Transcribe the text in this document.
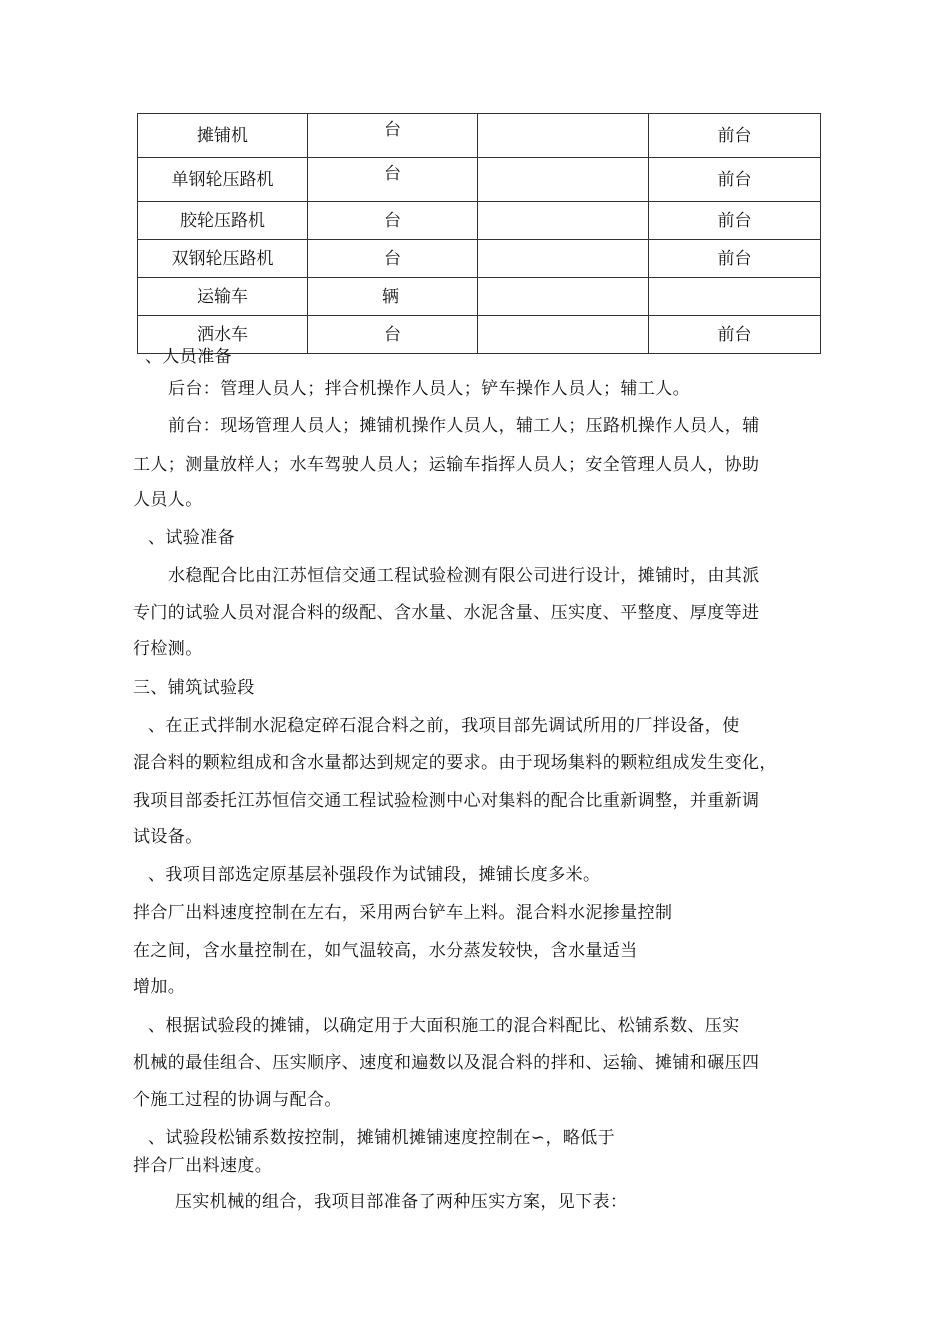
摊铺机	台		前台
单钢轮压路机	台		前台
胶轮压路机	台		前台
双钢轮压路机	台		前台
运输车	辆		
洒水车	台		前台
、人员准备
后台：管理人员人；拌合机操作人员人；铲车操作人员人；辅工人。
前台：现场管理人员人；摊铺机操作人员人，辅工人；压路机操作人员人，辅
工人；测量放样人；水车驾驶人员人；运输车指挥人员人；安全管理人员人，协助
人员人。
、试验准备
水稳配合比由江苏恒信交通工程试验检测有限公司进行设计，摊铺时，由其派
专门的试验人员对混合料的级配、含水量、水泥含量、压实度、平整度、厚度等进
行检测。
三、铺筑试验段
、在正式拌制水泥稳定碎石混合料之前，我项目部先调试所用的厂拌设备，使
混合料的颗粒组成和含水量都达到规定的要求。由于现场集料的颗粒组成发生变化，
我项目部委托江苏恒信交通工程试验检测中心对集料的配合比重新调整，并重新调
试设备。
、我项目部选定原基层补强段作为试铺段，摊铺长度多米。
拌合厂出料速度控制在左右，采用两台铲车上料。混合料水泥掺量控制
在之间，含水量控制在，如气温较高，水分蒸发较快，含水量适当
增加。
、根据试验段的摊铺，以确定用于大面积施工的混合料配比、松铺系数、压实
机械的最佳组合、压实顺序、速度和遍数以及混合料的拌和、运输、摊铺和碾压四
个施工过程的协调与配合。
、试验段松铺系数按控制，摊铺机摊铺速度控制在∽，略低于
拌合厂出料速度。
压实机械的组合，我项目部准备了两种压实方案，见下表：
